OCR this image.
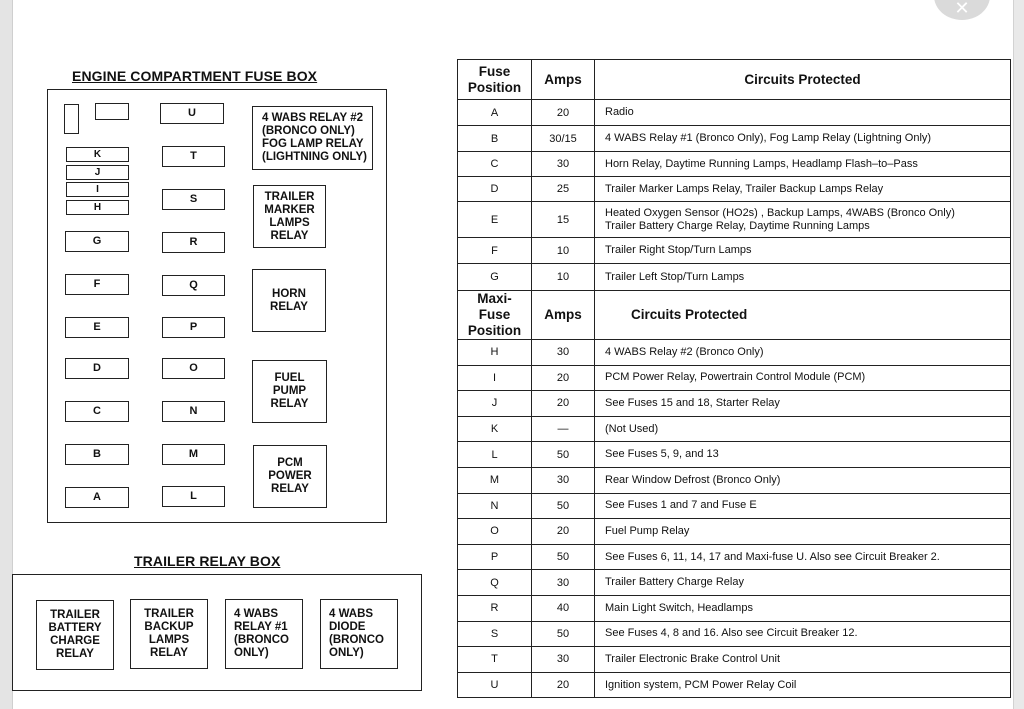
✕
ENGINE COMPARTMENT FUSE BOX
K
J
I
H
G
F
E
D
C
B
A
U
T
S
R
Q
P
O
N
M
L
4 WABS RELAY #2
(BRONCO ONLY)
FOG LAMP RELAY
(LIGHTNING ONLY)
TRAILER
MARKER
LAMPS
RELAY
HORN
RELAY
FUEL
PUMP
RELAY
PCM
POWER
RELAY
TRAILER RELAY BOX
TRAILER
BATTERY
CHARGE
RELAY
TRAILER
BACKUP
LAMPS
RELAY
4 WABS
RELAY #1
(BRONCO
ONLY)
4 WABS
DIODE
(BRONCO
ONLY)
Fuse
Position	Amps	Circuits Protected
A	20	Radio

B	30/15	4 WABS Relay #1 (Bronco Only), Fog Lamp Relay (Lightning Only)

C	30	Horn Relay, Daytime Running Lamps, Headlamp Flash–to–Pass

D	25	Trailer Marker Lamps Relay, Trailer Backup Lamps Relay

E	15	Heated Oxygen Sensor (HO2s) , Backup Lamps, 4WABS (Bronco Only)
Trailer Battery Charge Relay, Daytime Running Lamps

F	10	Trailer Right Stop/Turn Lamps

G	10	Trailer Left Stop/Turn Lamps

Maxi-Fuse
Position	Amps	Circuits Protected
H	30	4 WABS Relay #2 (Bronco Only)

I	20	PCM Power Relay, Powertrain Control Module (PCM)

J	20	See Fuses 15 and 18, Starter Relay

K	—	(Not Used)

L	50	See Fuses 5, 9, and 13

M	30	Rear Window Defrost (Bronco Only)

N	50	See Fuses 1 and 7 and Fuse E

O	20	Fuel Pump Relay

P	50	See Fuses 6, 11, 14, 17 and Maxi-fuse U. Also see Circuit Breaker 2.

Q	30	Trailer Battery Charge Relay

R	40	Main Light Switch, Headlamps

S	50	See Fuses 4, 8 and 16. Also see Circuit Breaker 12.

T	30	Trailer Electronic Brake Control Unit

U	20	Ignition system, PCM Power Relay Coil
